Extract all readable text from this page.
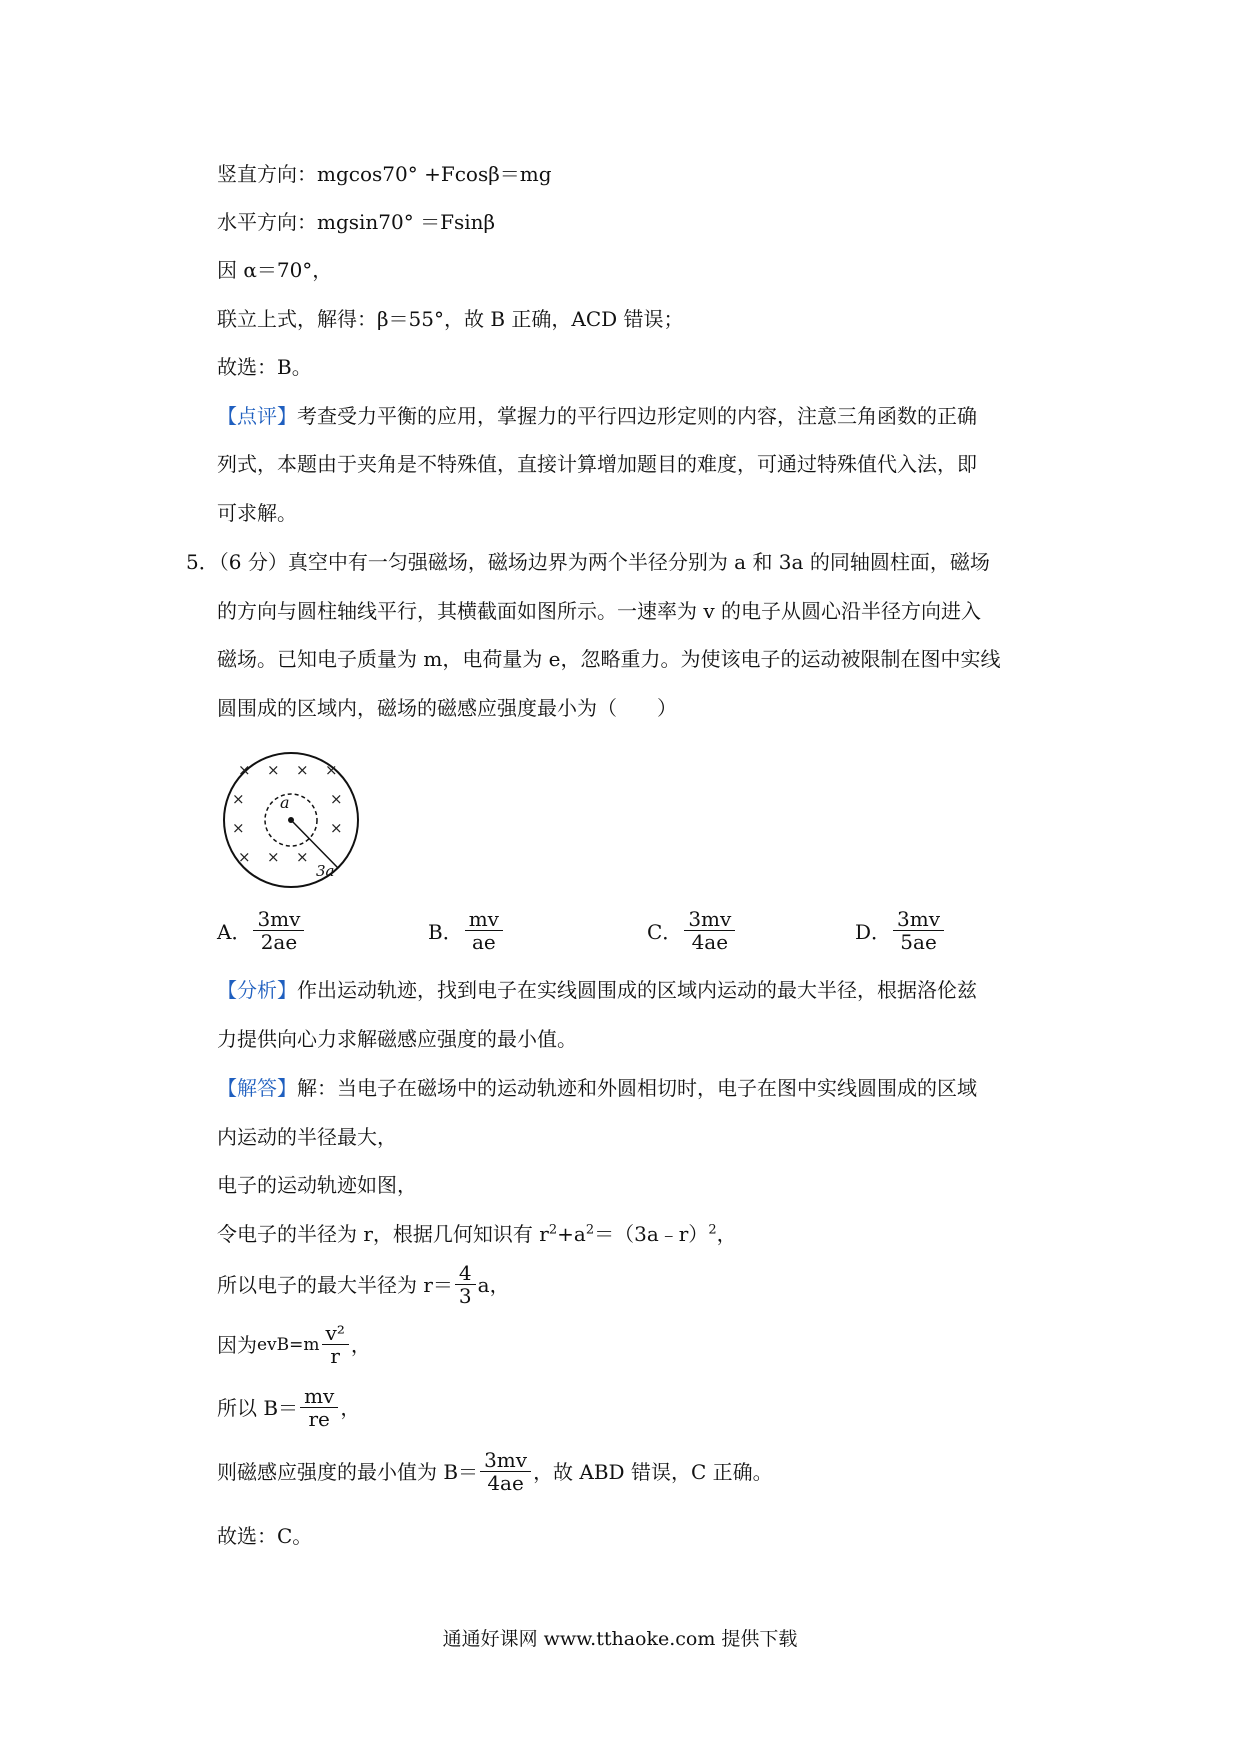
竖直方向：mgcos70° +Fcosβ＝mg
水平方向：mgsin70° ＝Fsinβ
因 α＝70°，
联立上式，解得：β＝55°，故 B 正确，ACD 错误；
故选：B。
【点评】考查受力平衡的应用，掌握力的平行四边形定则的内容，注意三角函数的正确
列式，本题由于夹角是不特殊值，直接计算增加题目的难度，可通过特殊值代入法，即
可求解。
5．（6 分）真空中有一匀强磁场，磁场边界为两个半径分别为 a 和 3a 的同轴圆柱面，磁场
的方向与圆柱轴线平行，其横截面如图所示。一速率为 v 的电子从圆心沿半径方向进入
磁场。已知电子质量为 m，电荷量为 e，忽略重力。为使该电子的运动被限制在图中实线
圆围成的区域内，磁场的磁感应强度最小为（　　）
× × × ×
×	×
×	×
× × ×
a
3a
A． $\frac{3mv}{2ae}$	B． $\frac{mv}{ae}$	C． $\frac{3mv}{4ae}$	D． $\frac{3mv}{5ae}$
【分析】作出运动轨迹，找到电子在实线圆围成的区域内运动的最大半径，根据洛伦兹
力提供向心力求解磁感应强度的最小值。
【解答】解：当电子在磁场中的运动轨迹和外圆相切时，电子在图中实线圆围成的区域
内运动的半径最大，
电子的运动轨迹如图，
令电子的半径为 r，根据几何知识有 $r^2+a^2=(3a﹣r)^2$，
所以电子的最大半径为 $r= \frac{4}{3}$ a，
因为 $evB=m \frac{\text{v²}}{r}$ ，
所以 $B= \frac{mv}{re}$ ，
则磁感应强度的最小值为 $B= \frac{3mv}{4ae}$ ，故 ABD 错误，C 正确。
故选：C。
通通好课网 www.tthaoke.com 提供下载
